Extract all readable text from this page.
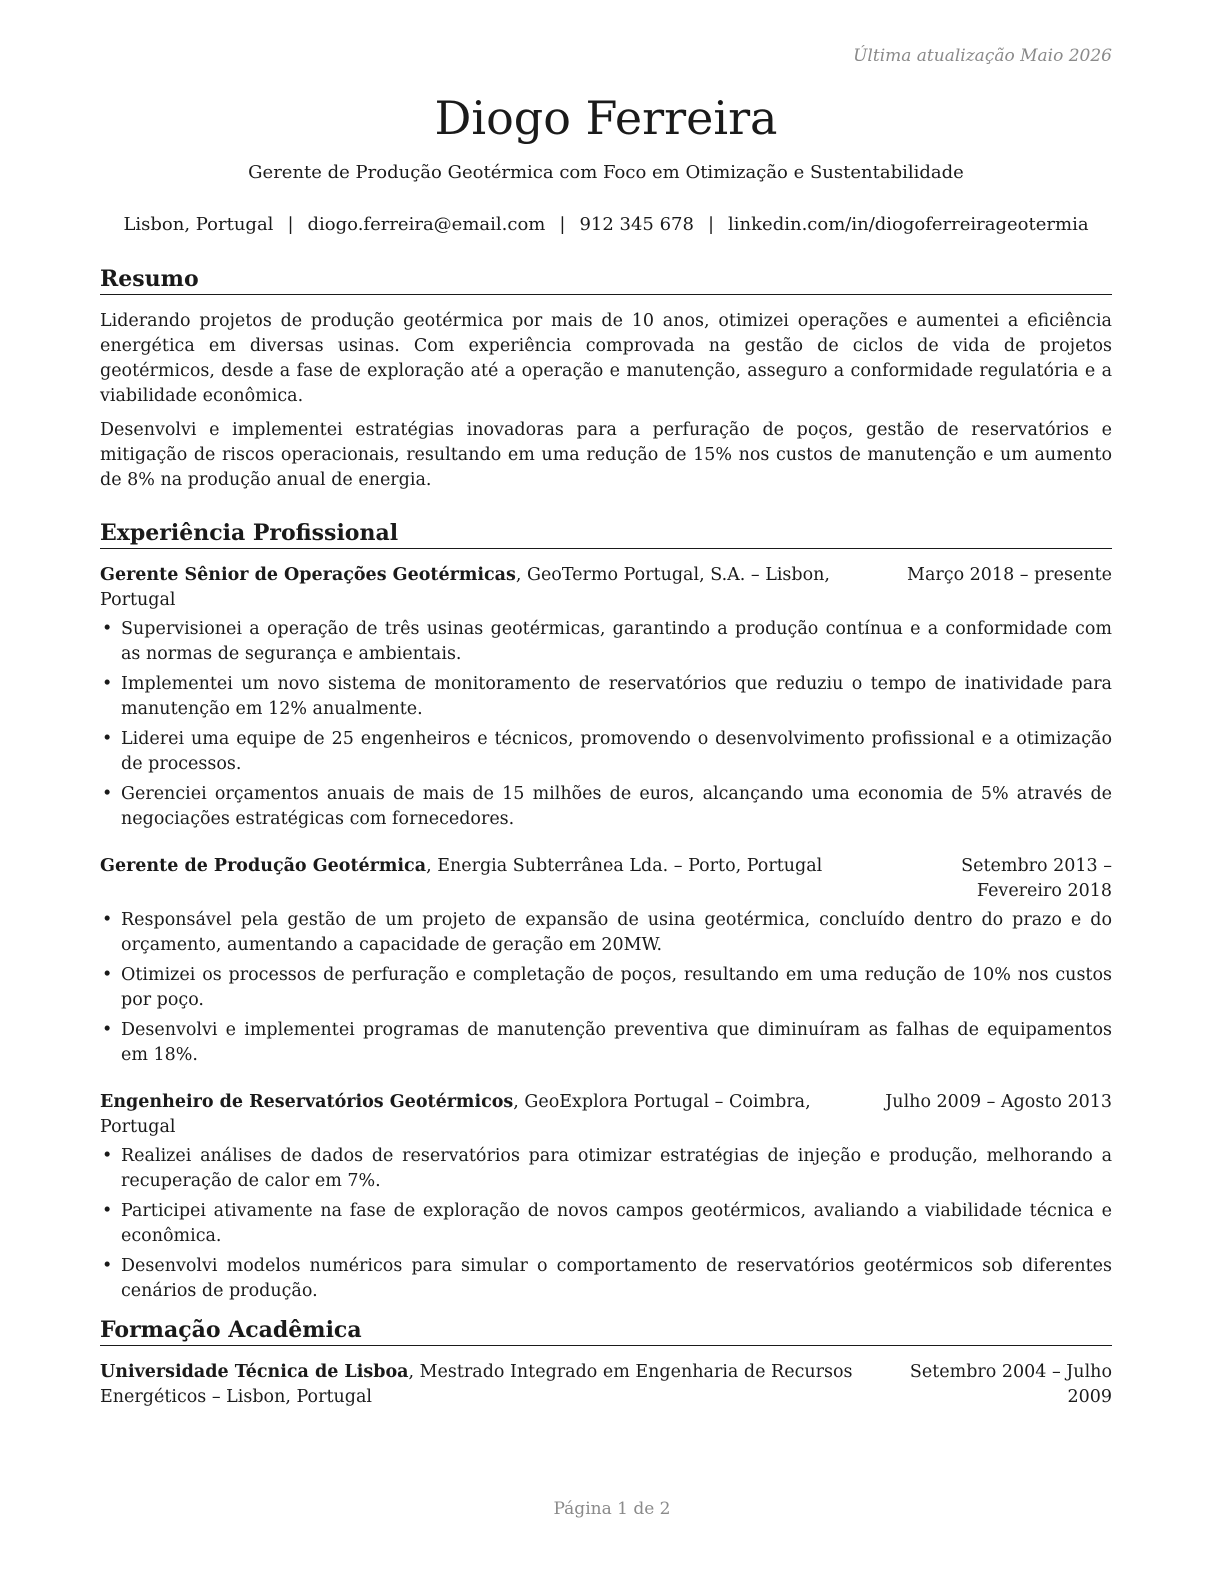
Última atualização Maio 2026
Diogo Ferreira
Gerente de Produção Geotérmica com Foco em Otimização e Sustentabilidade
Lisbon, Portugal | diogo.ferreira@email.com | 912 345 678 | linkedin.com/in/diogoferreirageotermia
Resumo

Liderando projetos de produção geotérmica por mais de 10 anos, otimizei operações e aumentei a eficiência energética em diversas usinas. Com experiência comprovada na gestão de ciclos de vida de projetos geotérmicos, desde a fase de exploração até a operação e manutenção, asseguro a conformidade regulatória e a viabilidade econômica.

Desenvolvi e implementei estratégias inovadoras para a perfuração de poços, gestão de reservatórios e mitigação de riscos operacionais, resultando em uma redução de 15% nos custos de manutenção e um aumento de 8% na produção anual de energia.

Experiência Profissional
Gerente Sênior de Operações Geotérmicas, GeoTermo Portugal, S.A. – Lisbon, Portugal
Março 2018 – presente
• Supervisionei a operação de três usinas geotérmicas, garantindo a produção contínua e a conformidade com as normas de segurança e ambientais.
• Implementei um novo sistema de monitoramento de reservatórios que reduziu o tempo de inatividade para manutenção em 12% anualmente.
• Liderei uma equipe de 25 engenheiros e técnicos, promovendo o desenvolvimento profissional e a otimização de processos.
• Gerenciei orçamentos anuais de mais de 15 milhões de euros, alcançando uma economia de 5% através de negociações estratégicas com fornecedores.
Gerente de Produção Geotérmica, Energia Subterrânea Lda. – Porto, Portugal	Setembro 2013 – Fevereiro 2018
• Responsável pela gestão de um projeto de expansão de usina geotérmica, concluído dentro do prazo e do orçamento, aumentando a capacidade de geração em 20MW.
• Otimizei os processos de perfuração e completação de poços, resultando em uma redução de 10% nos custos por poço.
• Desenvolvi e implementei programas de manutenção preventiva que diminuíram as falhas de equipamentos em 18%.
Engenheiro de Reservatórios Geotérmicos, GeoExplora Portugal – Coimbra, Portugal
Julho 2009 – Agosto 2013
• Realizei análises de dados de reservatórios para otimizar estratégias de injeção e produção, melhorando a recuperação de calor em 7%.
• Participei ativamente na fase de exploração de novos campos geotérmicos, avaliando a viabilidade técnica e econômica.
• Desenvolvi modelos numéricos para simular o comportamento de reservatórios geotérmicos sob diferentes cenários de produção.
Formação Acadêmica
Universidade Técnica de Lisboa, Mestrado Integrado em Engenharia de Recursos Energéticos – Lisbon, Portugal
Setembro 2004 – Julho 2009
Página 1 de 2
